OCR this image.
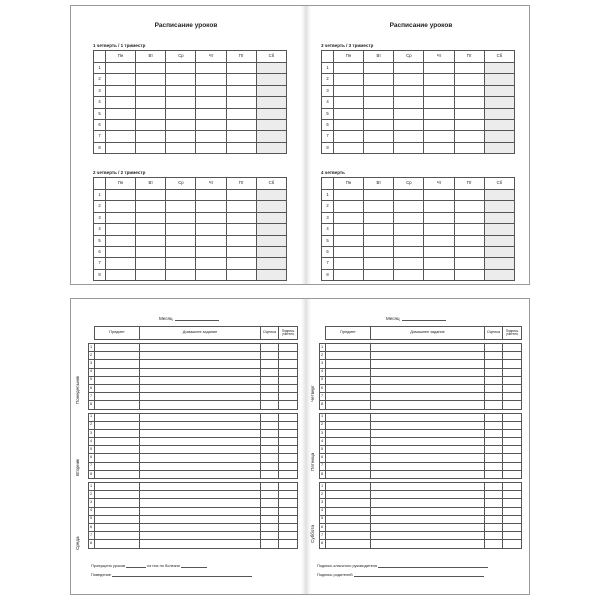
Расписание уроков
1 четверть / 1 триместр
	Пн	Вт	Ср	Чт	Пт	Сб
1						
2						
3						
4						
5						
6						
7						
8						
2 четверть / 2 триместр
	Пн	Вт	Ср	Чт	Пт	Сб
1						
2						
3						
4						
5						
6						
7						
8						
Расписание уроков
3 четверть / 3 триместр
	Пн	Вт	Ср	Чт	Пт	Сб
1						
2						
3						
4						
5						
6						
7						
8						
4 четверть
	Пн	Вт	Ср	Чт	Пт	Сб
1						
2						
3						
4						
5						
6						
7						
8						
Месяц
	Предмет	Домашнее задание	Оценка	Подпись учителя

1				
2				
3				
4				
5				
6				
7				
8				

1				
2				
3				
4				
5				
6				
7				
8				

1				
2				
3				
4				
5				
6				
7				
8				
Понедельник
Вторник
Среда
Пропущено уроков	из них по болезни
Поведение
Месяц
	Предмет	Домашнее задание	Оценка	Подпись учителя

1				
2				
3				
4				
5				
6				
7				
8				

1				
2				
3				
4				
5				
6				
7				
8				

1				
2				
3				
4				
5				
6				
7				
8				
Четверг
Пятница
Суббота
Подпись классного руководителя
Подпись родителей
